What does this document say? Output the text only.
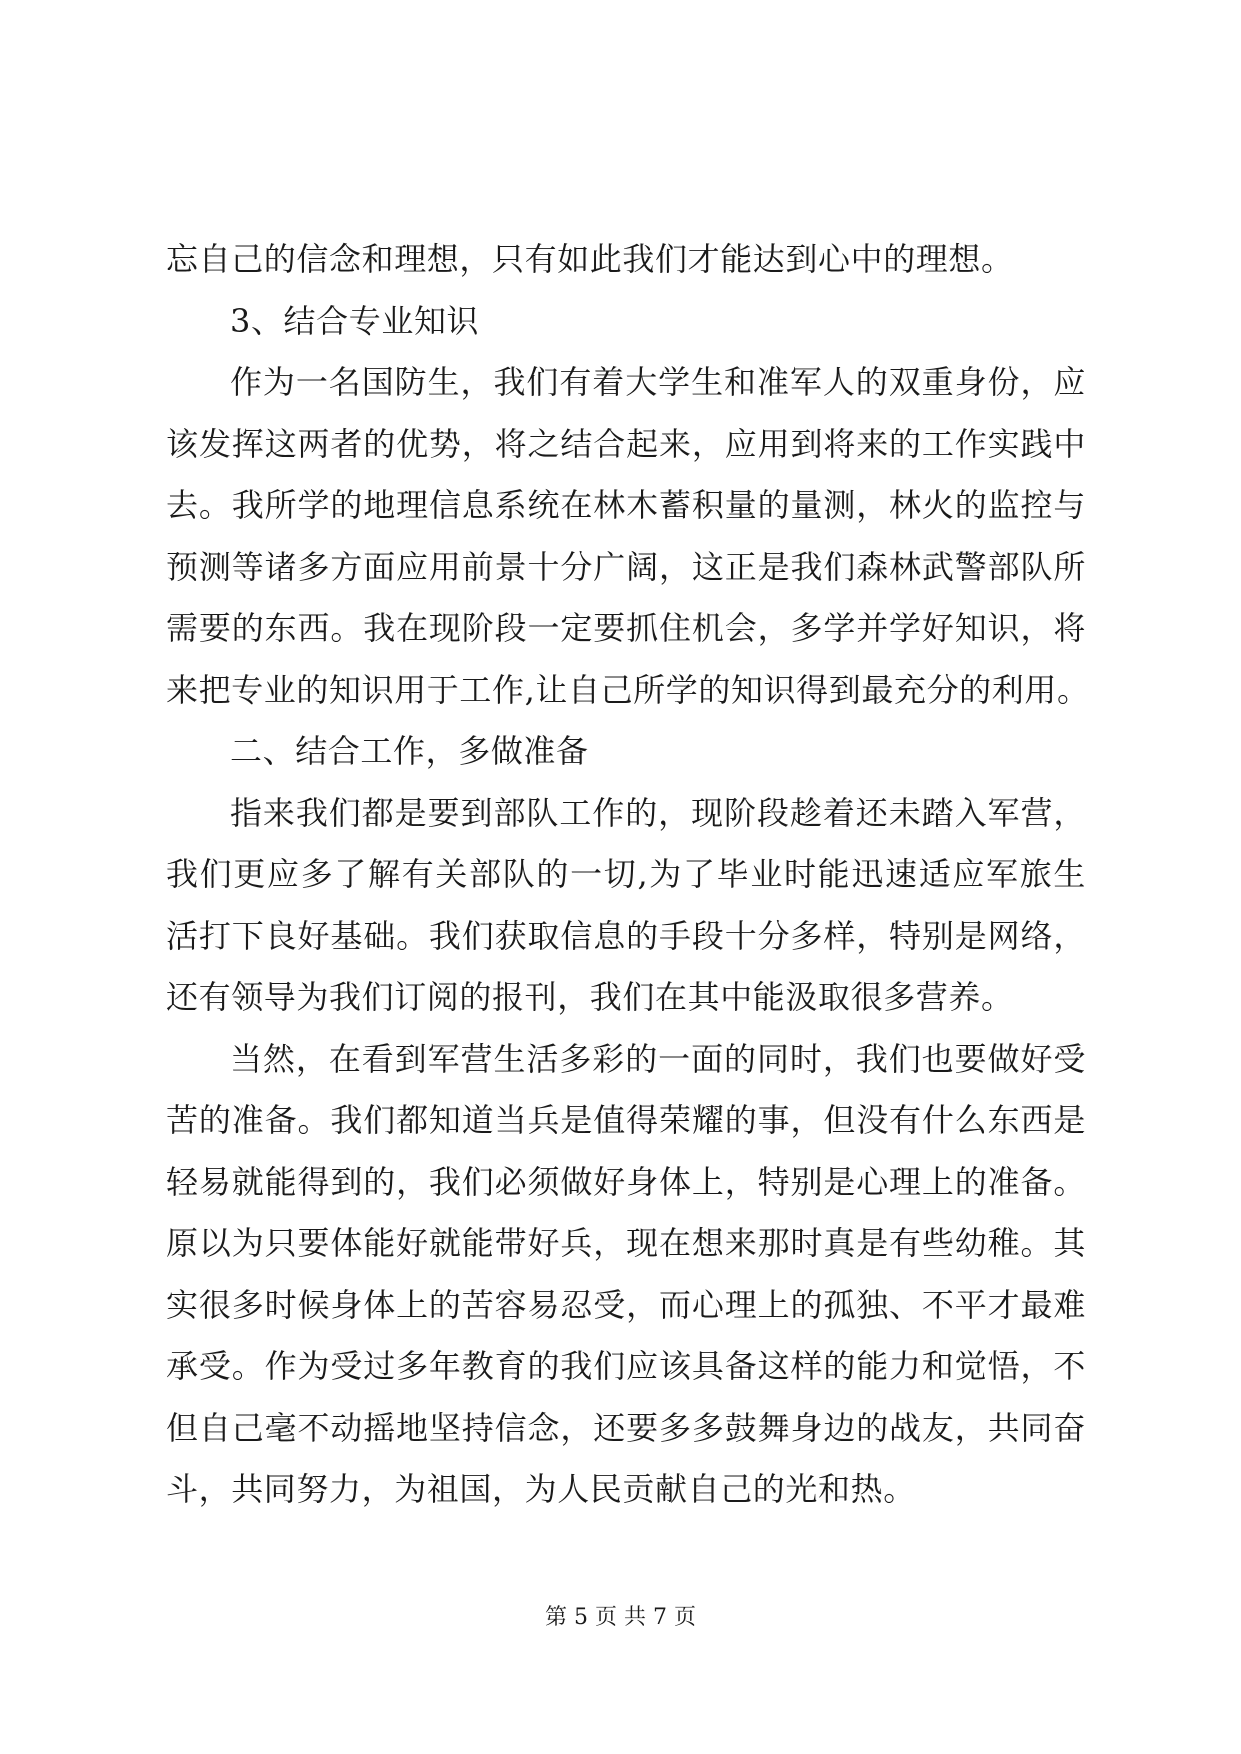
忘自己的信念和理想，只有如此我们才能达到心中的理想。
3、结合专业知识
作为一名国防生，我们有着大学生和准军人的双重身份，应
该发挥这两者的优势，将之结合起来，应用到将来的工作实践中
去。我所学的地理信息系统在林木蓄积量的量测，林火的监控与
预测等诸多方面应用前景十分广阔，这正是我们森林武警部队所
需要的东西。我在现阶段一定要抓住机会，多学并学好知识，将
来把专业的知识用于工作,让自己所学的知识得到最充分的利用。
二、结合工作，多做准备
指来我们都是要到部队工作的，现阶段趁着还未踏入军营，
我们更应多了解有关部队的一切,为了毕业时能迅速适应军旅生
活打下良好基础。我们获取信息的手段十分多样，特别是网络，
还有领导为我们订阅的报刊，我们在其中能汲取很多营养。
当然，在看到军营生活多彩的一面的同时，我们也要做好受
苦的准备。我们都知道当兵是值得荣耀的事，但没有什么东西是
轻易就能得到的，我们必须做好身体上，特别是心理上的准备。
原以为只要体能好就能带好兵，现在想来那时真是有些幼稚。其
实很多时候身体上的苦容易忍受，而心理上的孤独、不平才最难
承受。作为受过多年教育的我们应该具备这样的能力和觉悟，不
但自己毫不动摇地坚持信念，还要多多鼓舞身边的战友，共同奋
斗，共同努力，为祖国，为人民贡献自己的光和热。
第 5 页 共 7 页
